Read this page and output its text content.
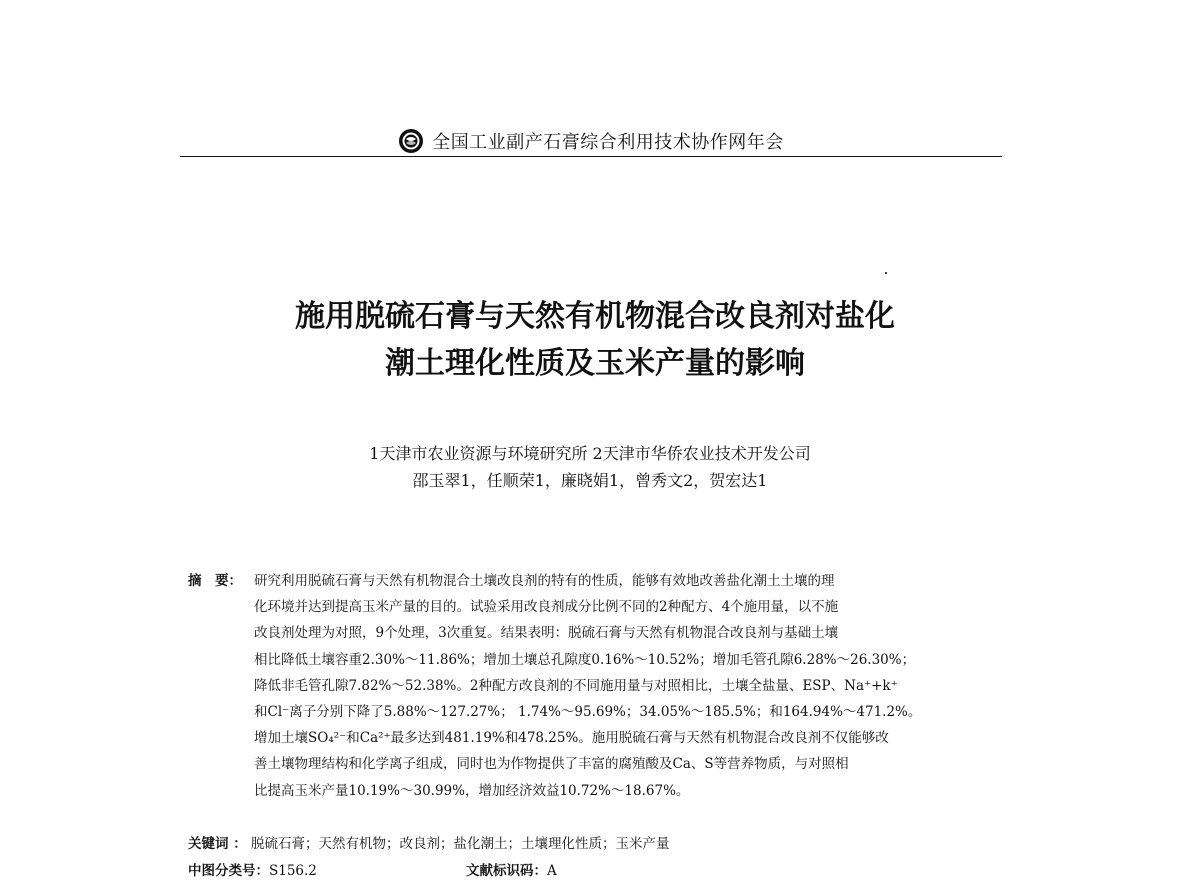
全国工业副产石膏综合利用技术协作网年会
施用脱硫石膏与天然有机物混合改良剂对盐化
潮土理化性质及玉米产量的影响
1天津市农业资源与环境研究所 2天津市华侨农业技术开发公司
邵玉翠1，任顺荣1，廉晓娟1，曾秀文2，贺宏达1
摘　要： 研究利用脱硫石膏与天然有机物混合土壤改良剂的特有的性质，能够有效地改善盐化潮土土壤的理

化环境并达到提高玉米产量的目的。试验采用改良剂成分比例不同的2种配方、4个施用量，以不施

改良剂处理为对照，9个处理，3次重复。结果表明：脱硫石膏与天然有机物混合改良剂与基础土壤

相比降低土壤容重2.30%～11.86%；增加土壤总孔隙度0.16%～10.52%；增加毛管孔隙6.28%～26.30%；

降低非毛管孔隙7.82%～52.38%。2种配方改良剂的不同施用量与对照相比，土壤全盐量、ESP、Na⁺+k⁺

和Cl⁻离子分别下降了5.88%～127.27%； 1.74%～95.69%；34.05%～185.5%；和164.94%～471.2%。

增加土壤SO₄²⁻和Ca²⁺最多达到481.19%和478.25%。施用脱硫石膏与天然有机物混合改良剂不仅能够改

善土壤物理结构和化学离子组成，同时也为作物提供了丰富的腐殖酸及Ca、S等营养物质，与对照相

比提高玉米产量10.19%～30.99%，增加经济效益10.72%～18.67%。

关键词 ： 脱硫石膏；天然有机物；改良剂；盐化潮土；土壤理化性质；玉米产量
中图分类号：S156.2	文献标识码：A
